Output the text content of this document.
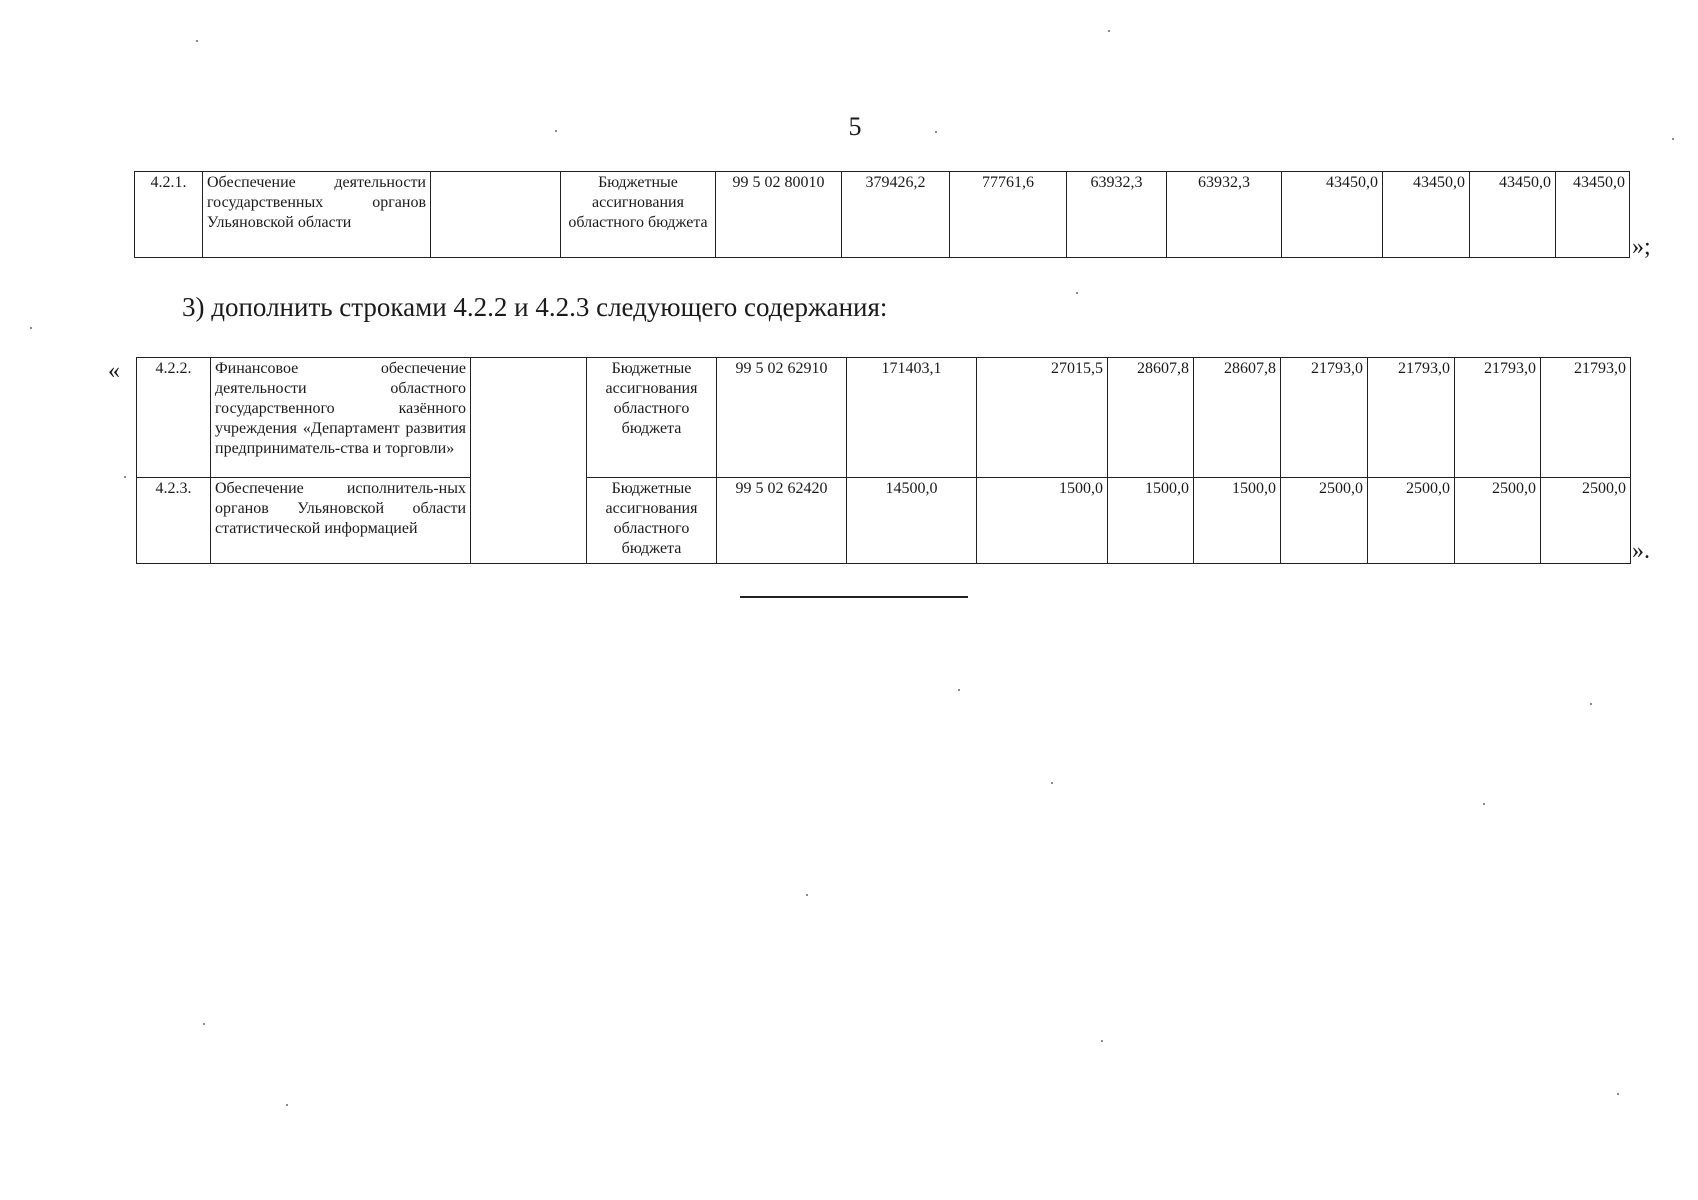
5
4.2.1.	Обеспечение деятельности государственных органов Ульяновской области		Бюджетные ассигнования областного бюджета	99 5 02 80010	379426,2	77761,6	63932,3	63932,3	43450,0	43450,0	43450,0	43450,0
»;
3) дополнить строками 4.2.2 и 4.2.3 следующего содержания:
« 4.2.2.	Финансовое обеспечение деятельности областного государственного казённого учреждения «Департамент развития предприниматель-ства и торговли»		Бюджетные ассигнования областного бюджета	99 5 02 62910	171403,1	27015,5	28607,8	28607,8	21793,0	21793,0	21793,0	21793,0
4.2.3.	Обеспечение исполнитель-ных органов Ульяновской области статистической информацией		Бюджетные ассигнования областного бюджета	99 5 02 62420	14500,0	1500,0	1500,0	1500,0	2500,0	2500,0	2500,0	2500,0
».
